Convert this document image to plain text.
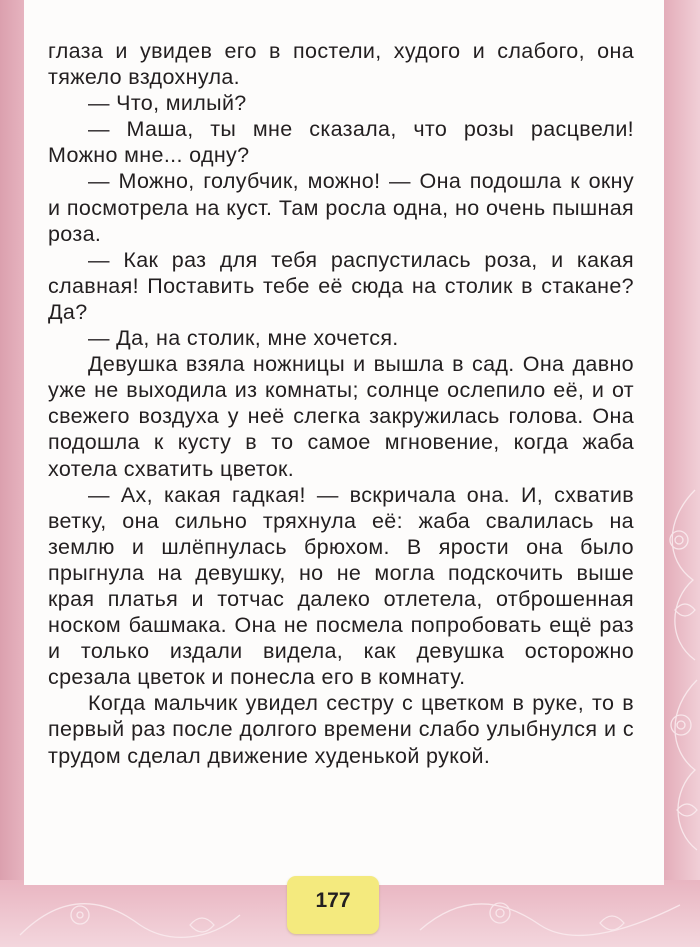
глаза и увидев его в постели, худого и слабого, она тяжело вздохнула.

— Что, милый?

— Маша, ты мне сказала, что розы расцвели! Можно мне... одну?

— Можно, голубчик, можно! — Она подошла к окну и посмотрела на куст. Там росла одна, но очень пышная роза.

— Как раз для тебя распустилась роза, и какая славная! Поставить тебе её сюда на столик в стакане? Да?

— Да, на столик, мне хочется.

Девушка взяла ножницы и вышла в сад. Она давно уже не выходила из комнаты; солнце ослепило её, и от свежего воздуха у неё слегка закружилась голова. Она подошла к кусту в то самое мгновение, когда жаба хотела схватить цветок.

— Ах, какая гадкая! — вскричала она. И, схватив ветку, она сильно тряхнула её: жаба свалилась на землю и шлёпнулась брюхом. В ярости она было прыгнула на девушку, но не могла подскочить выше края платья и тотчас далеко отлетела, отброшенная носком башмака. Она не посмела попробовать ещё раз и только издали видела, как девушка осторожно срезала цветок и понесла его в комнату.

Когда мальчик увидел сестру с цветком в руке, то в первый раз после долгого времени слабо улыбнулся и с трудом сделал движение худенькой рукой.

177
